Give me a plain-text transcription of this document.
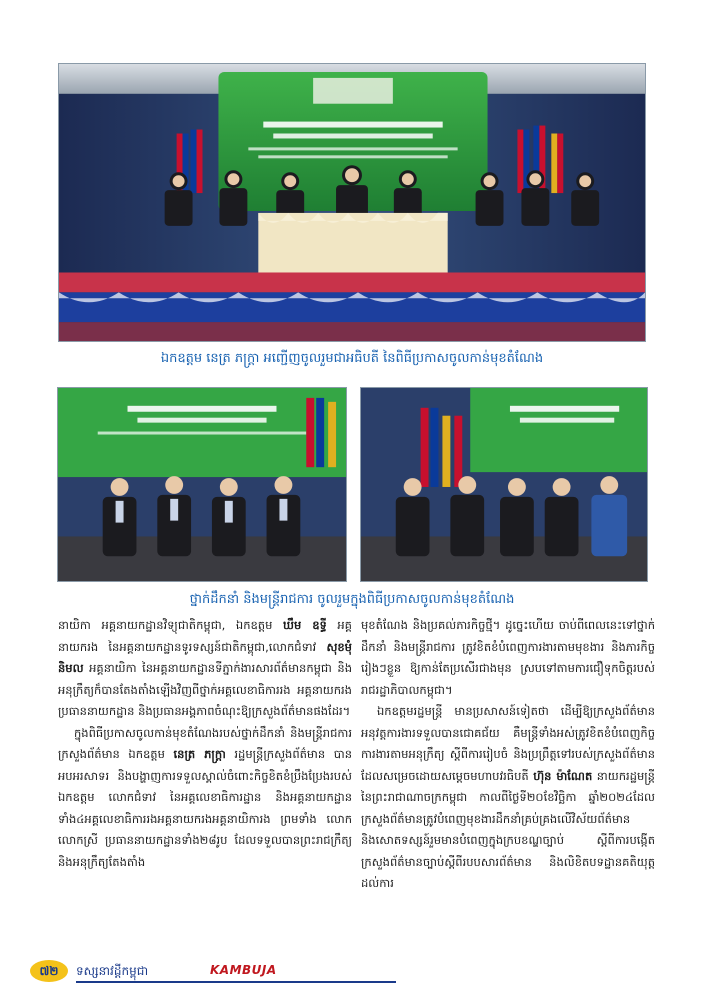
ឯកឧត្តម នេត្រ ភក្ត្រា អញ្ជើញចូលរួមជាអធិបតី នៃពិធីប្រកាសចូលកាន់មុខតំណែង
ថ្នាក់ដឹកនាំ និងមន្ត្រីរាជការ ចូលរួមក្នុងពិធីប្រកាសចូលកាន់មុខតំណែង

នាយិកា អគ្គនាយកដ្ឋានវិទ្យុជាតិកម្ពុជា, ឯកឧត្តម ឃឹម ឧទ្ធី អគ្គនាយករង នៃអគ្គនាយកដ្ឋានទូរទស្សន៍ជាតិកម្ពុជា,លោកជំទាវ សុខមុំ និមល អគ្គនាយិកា នៃអគ្គនាយកដ្ឋានទីភ្នាក់ងារសារព័ត៌មានកម្ពុជា និងអនុក្រឹត្យក៏បានតែងតាំងឡើងវិញពីថ្នាក់អគ្គលេខាធិការរង អគ្គនាយករង ប្រធាននាយកដ្ឋាន និងប្រធានអង្គភាពចំណុះឱ្យក្រសួងព័ត៌មានផងដែរ។

ក្នុងពិធីប្រកាសចូលកាន់មុខតំណែងរបស់ថ្នាក់ដឹកនាំ និងមន្ត្រីរាជការក្រសួងព័ត៌មាន ឯកឧត្តម នេត្រ ភក្ត្រា រដ្ឋមន្ត្រីក្រសួងព័ត៌មាន បានអបអរសាទរ និងបង្ហាញការទទួលស្គាល់ចំពោះកិច្ចខិតខំប្រឹងប្រែងរបស់ ឯកឧត្តម លោកជំទាវ នៃអគ្គលេខាធិការដ្ឋាន និងអគ្គនាយកដ្ឋានទាំង៤អគ្គលេខាធិការរងអគ្គនាយករងអគ្គនាយិការង ព្រមទាំង លោក លោកស្រី ប្រធាននាយកដ្ឋានទាំង២៨រូប ដែលទទួលបានព្រះរាជក្រឹត្យ និងអនុក្រឹត្យតែងតាំង

មុខតំណែង និងប្រគល់ភារកិច្ចថ្មី។ ដូច្នេះហើយ ចាប់ពីពេលនេះទៅថ្នាក់ដឹកនាំ និងមន្ត្រីរាជការ ត្រូវខិតខំបំពេញការងារតាមមុខងារ និងភារកិច្ចរៀងៗខ្លួន ឱ្យកាន់តែប្រសើរជាងមុន ស្របទៅតាមការជឿទុកចិត្តរបស់រាជរដ្ឋាភិបាលកម្ពុជា។

ឯកឧត្តមរដ្ឋមន្ត្រី មានប្រសាសន៍ទៀតថា ដើម្បីឱ្យក្រសួងព័ត៌មាន អនុវត្តការងារទទួលបានជោគជ័យ គឺមន្ត្រីទាំងអស់ត្រូវខិតខំបំពេញកិច្ចការងារតាមអនុក្រឹត្យ ស្ដីពីការរៀបចំ និងប្រព្រឹត្តទៅរបស់ក្រសួងព័ត៌មានដែលសម្រេចដោយសម្ដេចមហាបវរធិបតី ហ៊ុន ម៉ាណែត នាយករដ្ឋមន្ត្រីនៃព្រះរាជាណាចក្រកម្ពុជា កាលពីថ្ងៃទី២០ខែវិច្ឆិកា ឆ្នាំ២០២៤ដែលក្រសួងព័ត៌មានត្រូវបំពេញមុខងារដឹកនាំគ្រប់គ្រងលើវិស័យព័ត៌មាននិងសោតទស្សន៍រួមមានបំពេញក្នុងក្របខណ្ឌច្បាប់ ស្ដីពីការបង្កើតក្រសួងព័ត៌មានច្បាប់ស្ដីពីរបបសារព័ត៌មាន និងលិខិតបទដ្ឋានគតិយុត្តដល់ការ

៧២	ទស្សនាវដ្ដីកម្ពុជា	KAMBUJA
